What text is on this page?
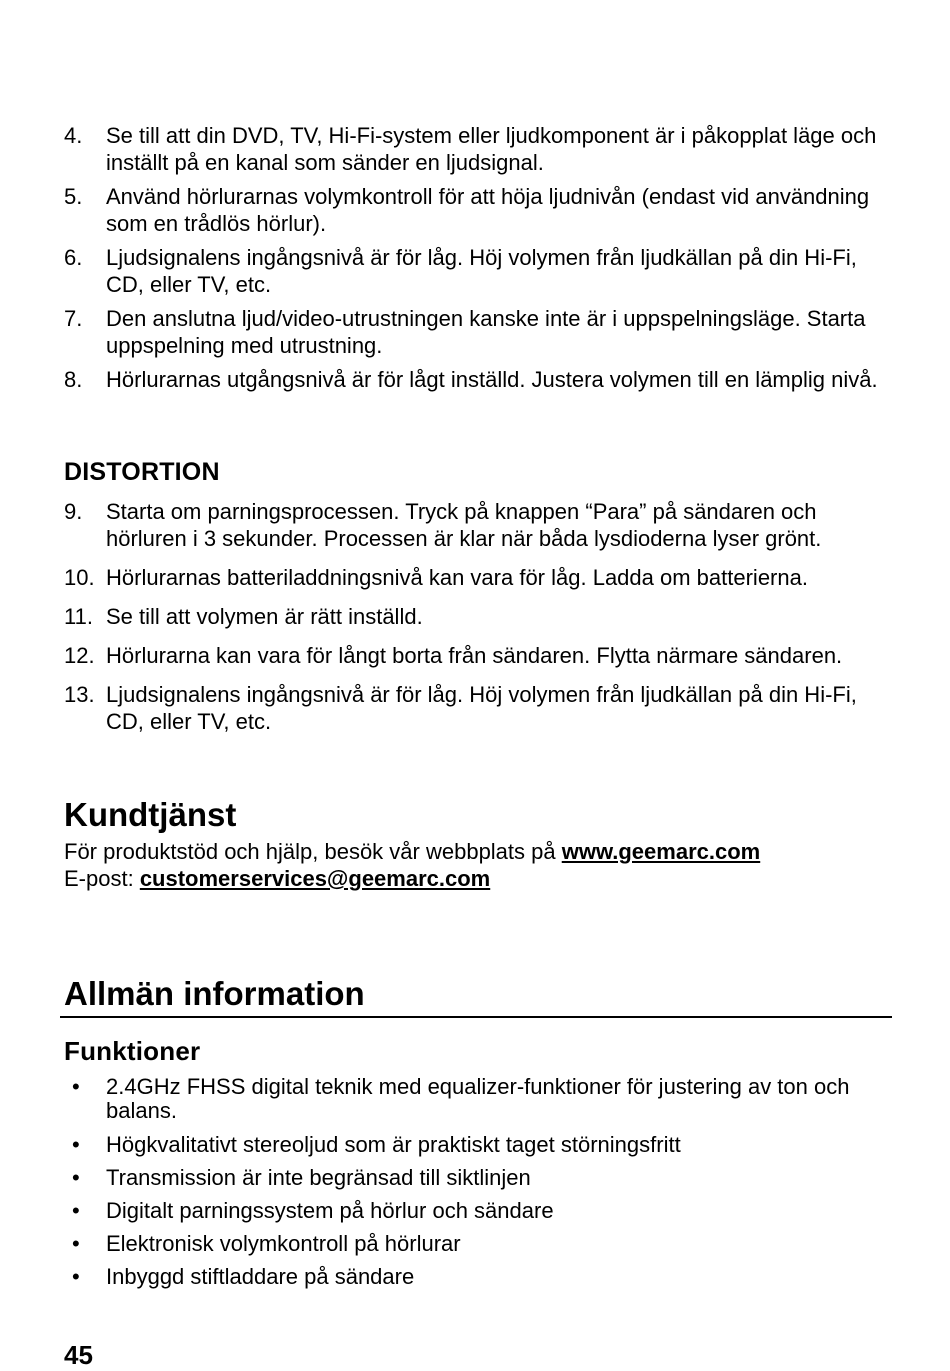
4. Se till att din DVD, TV, Hi-Fi-system eller ljudkomponent är i påkopplat läge och inställt på en kanal som sänder en ljudsignal.
5. Använd hörlurarnas volymkontroll för att höja ljudnivån (endast vid användning som en trådlös hörlur).
6. Ljudsignalens ingångsnivå är för låg. Höj volymen från ljudkällan på din Hi-Fi, CD, eller TV, etc.
7. Den anslutna ljud/video-utrustningen kanske inte är i uppspelningsläge. Starta uppspelning med utrustning.
8. Hörlurarnas utgångsnivå är för lågt inställd. Justera volymen till en lämplig nivå.
DISTORTION
9. Starta om parningsprocessen. Tryck på knappen “Para” på sändaren och hörluren i 3 sekunder. Processen är klar när båda lysdioderna lyser grönt.
10. Hörlurarnas batteriladdningsnivå kan vara för låg. Ladda om batterierna.
11. Se till att volymen är rätt inställd.
12. Hörlurarna kan vara för långt borta från sändaren. Flytta närmare sändaren.
13. Ljudsignalens ingångsnivå är för låg. Höj volymen från ljudkällan på din Hi-Fi, CD, eller TV, etc.
Kundtjänst
För produktstöd och hjälp, besök vår webbplats på www.geemarc.com
E-post: customerservices@geemarc.com
Allmän information
Funktioner
• 2.4GHz FHSS digital teknik med equalizer-funktioner för justering av ton och balans.
• Högkvalitativt stereoljud som är praktiskt taget störningsfritt
• Transmission är inte begränsad till siktlinjen
• Digitalt parningssystem på hörlur och sändare
• Elektronisk volymkontroll på hörlurar
• Inbyggd stiftladdare på sändare
45
